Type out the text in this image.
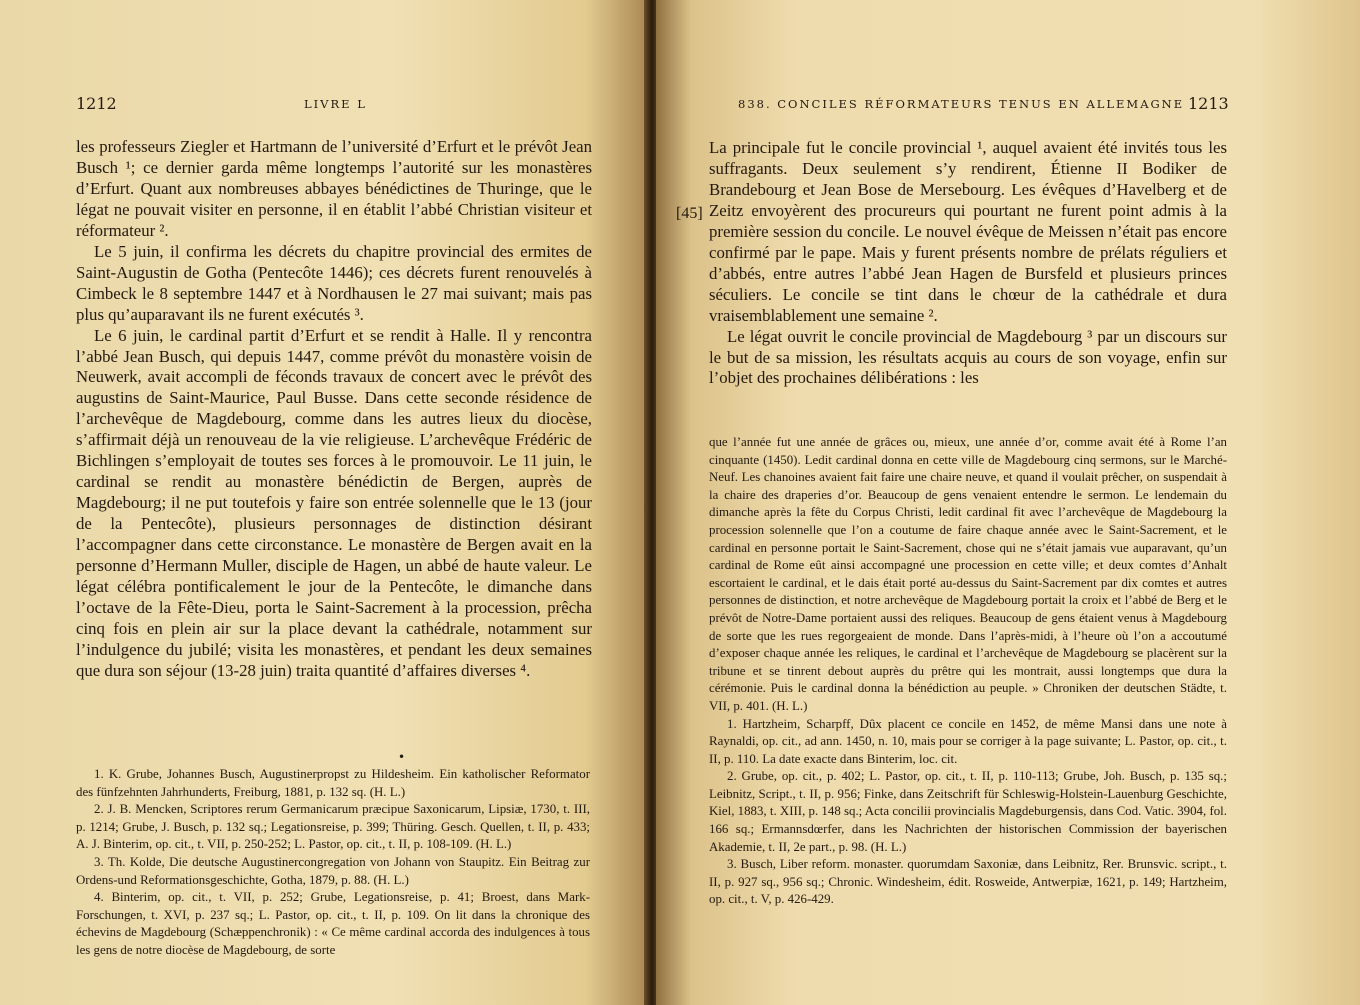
1212	LIVRE L

les professeurs Ziegler et Hartmann de l’université d’Erfurt et le prévôt Jean Busch ¹; ce dernier garda même longtemps l’autorité sur les monastères d’Erfurt. Quant aux nombreuses abbayes bénédictines de Thuringe, que le légat ne pouvait visiter en personne, il en établit l’abbé Christian visiteur et réformateur ².

Le 5 juin, il confirma les décrets du chapitre provincial des ermites de Saint-Augustin de Gotha (Pentecôte 1446); ces décrets furent renouvelés à Cimbeck le 8 septembre 1447 et à Nordhausen le 27 mai suivant; mais pas plus qu’auparavant ils ne furent exécutés ³.

Le 6 juin, le cardinal partit d’Erfurt et se rendit à Halle. Il y rencontra l’abbé Jean Busch, qui depuis 1447, comme prévôt du monastère voisin de Neuwerk, avait accompli de féconds travaux de concert avec le prévôt des augustins de Saint-Maurice, Paul Busse. Dans cette seconde résidence de l’archevêque de Magdebourg, comme dans les autres lieux du diocèse, s’affirmait déjà un renouveau de la vie religieuse. L’archevêque Frédéric de Bichlingen s’employait de toutes ses forces à le promouvoir. Le 11 juin, le cardinal se rendit au monastère bénédictin de Bergen, auprès de Magdebourg; il ne put toutefois y faire son entrée solennelle que le 13 (jour de la Pentecôte), plusieurs personnages de distinction désirant l’accompagner dans cette circonstance. Le monastère de Bergen avait en la personne d’Hermann Muller, disciple de Hagen, un abbé de haute valeur. Le légat célébra pontificalement le jour de la Pentecôte, le dimanche dans l’octave de la Fête-Dieu, porta le Saint-Sacrement à la procession, prêcha cinq fois en plein air sur la place devant la cathédrale, notamment sur l’indulgence du jubilé; visita les monastères, et pendant les deux semaines que dura son séjour (13-28 juin) traita quantité d’affaires diverses ⁴.

•

1. K. Grube, Johannes Busch, Augustinerpropst zu Hildesheim. Ein katholischer Reformator des fünfzehnten Jahrhunderts, Freiburg, 1881, p. 132 sq. (H. L.)

2. J. B. Mencken, Scriptores rerum Germanicarum præcipue Saxonicarum, Lipsiæ, 1730, t. III, p. 1214; Grube, J. Busch, p. 132 sq.; Legationsreise, p. 399; Thüring. Gesch. Quellen, t. II, p. 433; A. J. Binterim, op. cit., t. VII, p. 250-252; L. Pastor, op. cit., t. II, p. 108-109. (H. L.)

3. Th. Kolde, Die deutsche Augustinercongregation von Johann von Staupitz. Ein Beitrag zur Ordens-und Reformationsgeschichte, Gotha, 1879, p. 88. (H. L.)

4. Binterim, op. cit., t. VII, p. 252; Grube, Legationsreise, p. 41; Broest, dans Mark-Forschungen, t. XVI, p. 237 sq.; L. Pastor, op. cit., t. II, p. 109. On lit dans la chronique des échevins de Magdebourg (Schæppenchronik) : « Ce même cardinal accorda des indulgences à tous les gens de notre diocèse de Magdebourg, de sorte

838. CONCILES RÉFORMATEURS TENUS EN ALLEMAGNE 1213

La principale fut le concile provincial ¹, auquel avaient été invités tous les suffragants. Deux seulement s’y rendirent, Étienne II Bodiker de Brandebourg et Jean Bose de Mersebourg. Les évêques d’Havelberg et de Zeitz envoyèrent des procureurs qui pourtant ne furent point admis à la première session du concile. Le nouvel évêque de Meissen n’était pas encore confirmé par le pape. Mais y furent présents nombre de prélats réguliers et d’abbés, entre autres l’abbé Jean Hagen de Bursfeld et plusieurs princes séculiers. Le concile se tint dans le chœur de la cathédrale et dura vraisemblablement une semaine ².

Le légat ouvrit le concile provincial de Magdebourg ³ par un discours sur le but de sa mission, les résultats acquis au cours de son voyage, enfin sur l’objet des prochaines délibérations : les

que l’année fut une année de grâces ou, mieux, une année d’or, comme avait été à Rome l’an cinquante (1450). Ledit cardinal donna en cette ville de Magdebourg cinq sermons, sur le Marché-Neuf. Les chanoines avaient fait faire une chaire neuve, et quand il voulait prêcher, on suspendait à la chaire des draperies d’or. Beaucoup de gens venaient entendre le sermon. Le lendemain du dimanche après la fête du Corpus Christi, ledit cardinal fit avec l’archevêque de Magdebourg la procession solennelle que l’on a coutume de faire chaque année avec le Saint-Sacrement, et le cardinal en personne portait le Saint-Sacrement, chose qui ne s’était jamais vue auparavant, qu’un cardinal de Rome eût ainsi accompagné une procession en cette ville; et deux comtes d’Anhalt escortaient le cardinal, et le dais était porté au-dessus du Saint-Sacrement par dix comtes et autres personnes de distinction, et notre archevêque de Magdebourg portait la croix et l’abbé de Berg et le prévôt de Notre-Dame portaient aussi des reliques. Beaucoup de gens étaient venus à Magdebourg de sorte que les rues regorgeaient de monde. Dans l’après-midi, à l’heure où l’on a accoutumé d’exposer chaque année les reliques, le cardinal et l’archevêque de Magdebourg se placèrent sur la tribune et se tinrent debout auprès du prêtre qui les montrait, aussi longtemps que dura la cérémonie. Puis le cardinal donna la bénédiction au peuple. » Chroniken der deutschen Städte, t. VII, p. 401. (H. L.)

1. Hartzheim, Scharpff, Dûx placent ce concile en 1452, de même Mansi dans une note à Raynaldi, op. cit., ad ann. 1450, n. 10, mais pour se corriger à la page suivante; L. Pastor, op. cit., t. II, p. 110. La date exacte dans Binterim, loc. cit.

2. Grube, op. cit., p. 402; L. Pastor, op. cit., t. II, p. 110-113; Grube, Joh. Busch, p. 135 sq.; Leibnitz, Script., t. II, p. 956; Finke, dans Zeitschrift für Schleswig-Holstein-Lauenburg Geschichte, Kiel, 1883, t. XIII, p. 148 sq.; Acta concilii provincialis Magdeburgensis, dans Cod. Vatic. 3904, fol. 166 sq.; Ermannsdœrfer, dans les Nachrichten der historischen Commission der bayerischen Akademie, t. II, 2e part., p. 98. (H. L.)

3. Busch, Liber reform. monaster. quorumdam Saxoniæ, dans Leibnitz, Rer. Brunsvic. script., t. II, p. 927 sq., 956 sq.; Chronic. Windesheim, édit. Rosweide, Antwerpiæ, 1621, p. 149; Hartzheim, op. cit., t. V, p. 426-429.

[45]
